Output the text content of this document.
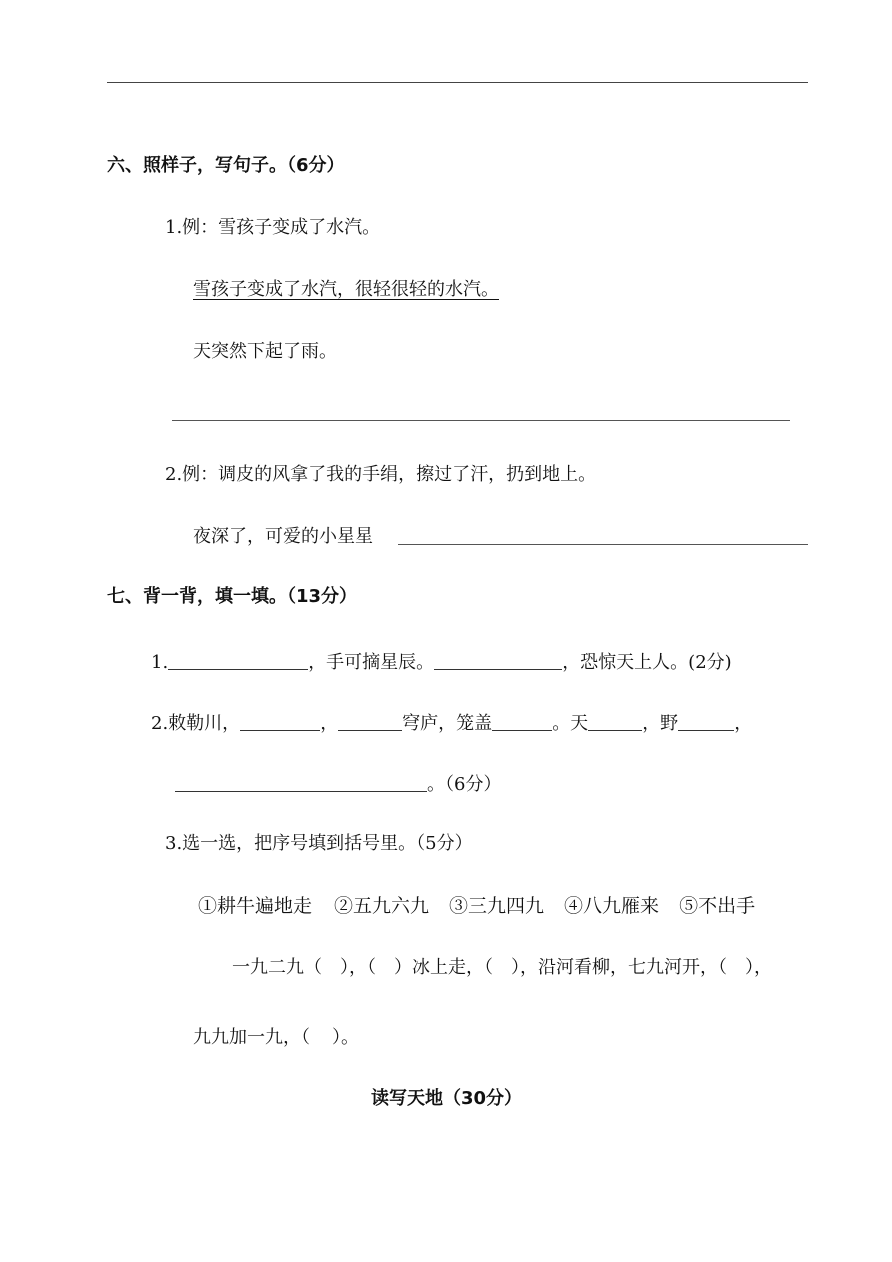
六、照样子，写句子。（6分）
1.例：雪孩子变成了水汽。
雪孩子变成了水汽，很轻很轻的水汽。
天突然下起了雨。
2.例：调皮的风拿了我的手绢，擦过了汗，扔到地上。
夜深了，可爱的小星星
七、背一背，填一填。（13分）
1.	，手可摘星辰。	，恐惊天上人。(2分)
2.敕勒川，	，	穹庐，笼盖	。天	，野	，
。（6分）
3.选一选，把序号填到括号里。（5分）
①耕牛遍地走 ②五九六九 ③三九四九 ④八九雁来 ⑤不出手
一九二九（ ），（ ）冰上走，（ ），沿河看柳，七九河开，（ ），
九九加一九，（ ）。
读写天地（30分）
